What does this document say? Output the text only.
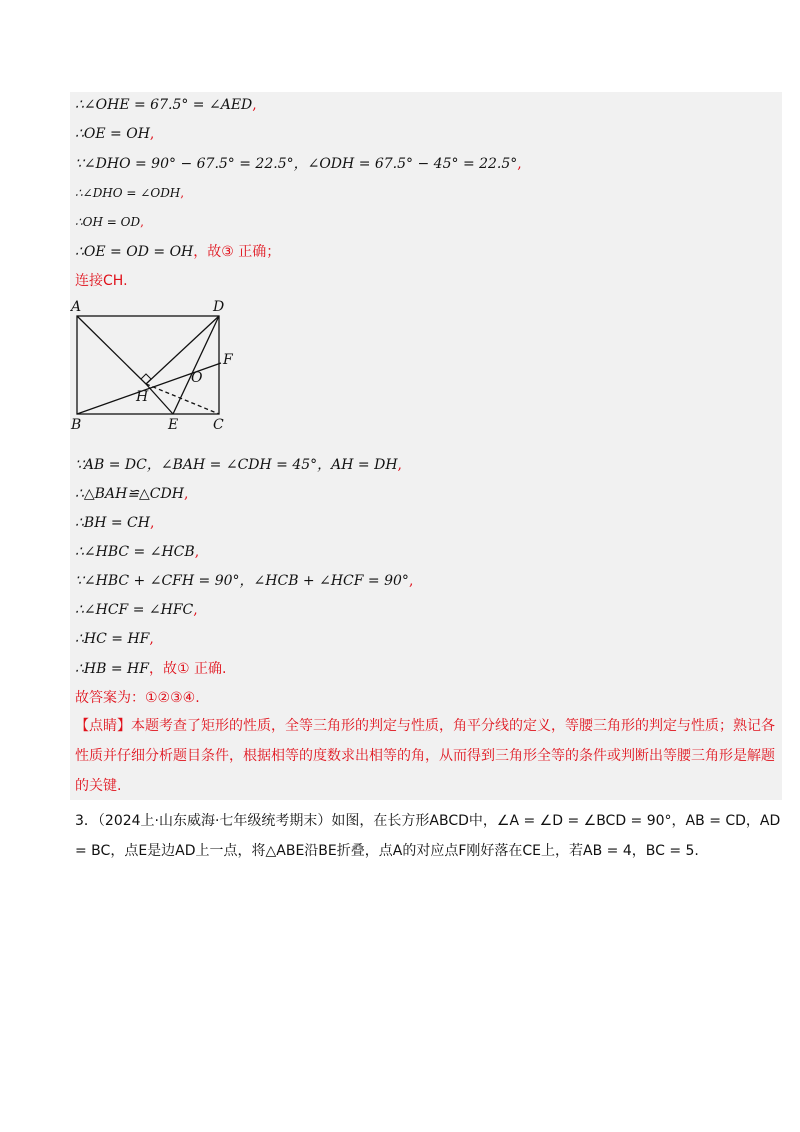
∴∠OHE = 67.5° = ∠AED,
∴OE = OH,
∵∠DHO = 90° − 67.5° = 22.5°，∠ODH = 67.5° − 45° = 22.5°,
∴∠DHO = ∠ODH,
∴OH = OD,
∴OE = OD = OH，故③ 正确；
连接CH.
A	D
F
O
H
B	E C
∵AB = DC，∠BAH = ∠CDH = 45°，AH = DH,
∴△BAH≌△CDH,
∴BH = CH,
∴∠HBC = ∠HCB,
∵∠HBC + ∠CFH = 90°，∠HCB + ∠HCF = 90°,
∴∠HCF = ∠HFC,
∴HC = HF,
∴HB = HF，故① 正确.
故答案为：①②③④.
【点睛】本题考查了矩形的性质，全等三角形的判定与性质，角平分线的定义，等腰三角形的判定与性质；熟记各性质并仔细分析题目条件，根据相等的度数求出相等的角，从而得到三角形全等的条件或判断出等腰三角形是解题的关键.
3．（2024上·山东威海·七年级统考期末）如图，在长方形ABCD中，∠A = ∠D = ∠BCD = 90°，AB = CD，AD = BC，点E是边AD上一点，将△ABE沿BE折叠，点A的对应点F刚好落在CE上，若AB = 4，BC = 5.
